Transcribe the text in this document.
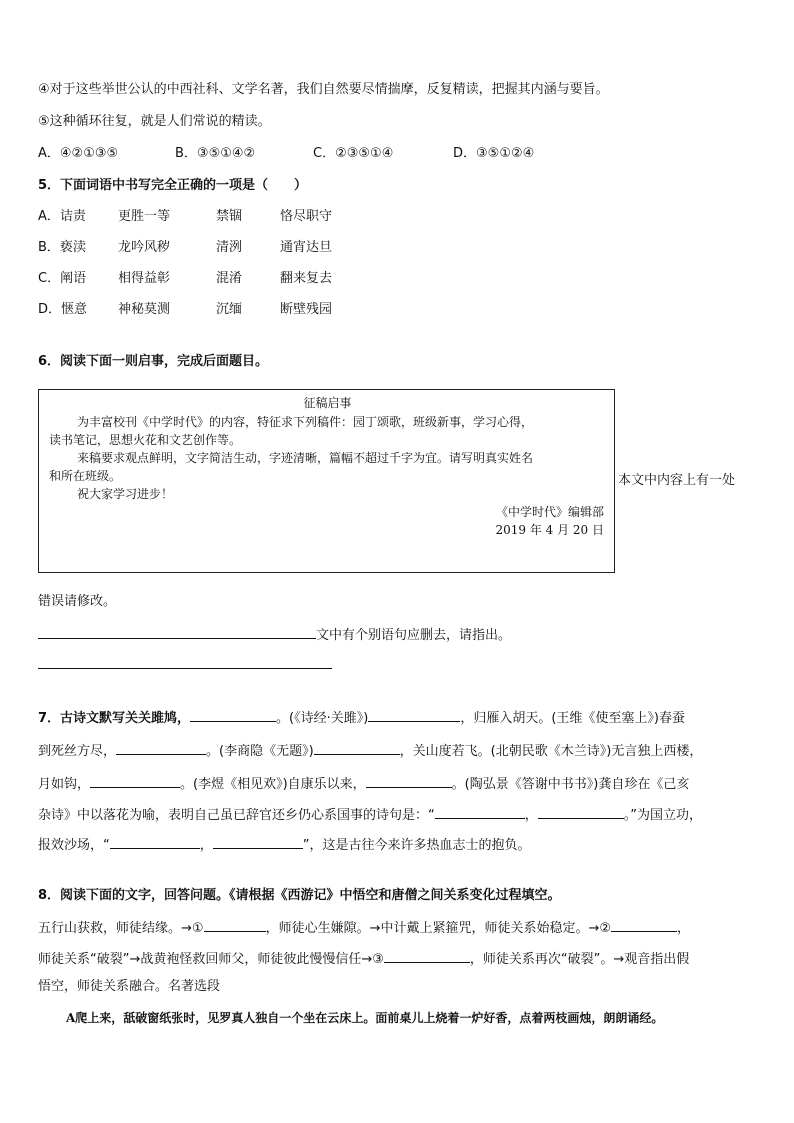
④对于这些举世公认的中西社科、文学名著，我们自然要尽情揣摩，反复精读，把握其内涵与要旨。
⑤这种循环往复，就是人们常说的精读。
A．④②①③⑤	B．③⑤①④②	C．②③⑤①④	D．③⑤①②④
5．下面词语中书写完全正确的一项是（　　）
A．诘责 更胜一等	禁锢	恪尽职守
B．亵渎 龙吟风秽	清洌	通宵达旦
C．阐语 相得益彰	混淆	翻来复去
D．惬意 神秘莫测	沉缅	断壁残园
6．阅读下面一则启事，完成后面题目。
征稿启事
为丰富校刊《中学时代》的内容，特征求下列稿件：园丁颂歌，班级新事，学习心得，
读书笔记，思想火花和文艺创作等。
来稿要求观点鲜明，文字简洁生动，字迹清晰，篇幅不超过千字为宜。请写明真实姓名
和所在班级。
祝大家学习进步！
《中学时代》编辑部
2019 年 4 月 20 日
本文中内容上有一处
错误请修改。
文中有个别语句应删去，请指出。
7．古诗文默写关关雎鸠，	。(《诗经·关雎》)	，归雁入胡天。(王维《使至塞上》)春蚕
到死丝方尽，	。(李商隐《无题》)	，关山度若飞。(北朝民歌《木兰诗》)无言独上西楼，
月如钩，	。(李煜《相见欢》)自康乐以来，	。(陶弘景《答谢中书书》)龚自珍在《己亥
杂诗》中以落花为喻，表明自己虽已辞官还乡仍心系国事的诗句是：“	，	。”为国立功，
报效沙场，“	，	”，这是古往今来许多热血志士的抱负。
8．阅读下面的文字，回答问题。《请根据《西游记》中悟空和唐僧之间关系变化过程填空。
五行山获救，师徒结缘。→①	，师徒心生嫌隙。→中计戴上紧箍咒，师徒关系始稳定。→②	，
师徒关系“破裂”→战黄袍怪救回师父，师徒彼此慢慢信任→③	，师徒关系再次“破裂”。→观音指出假
悟空，师徒关系融合。名著选段
A爬上来，舐破窗纸张时，见罗真人独自一个坐在云床上。面前桌儿上烧着一炉好香，点着两枝画烛，朗朗诵经。
